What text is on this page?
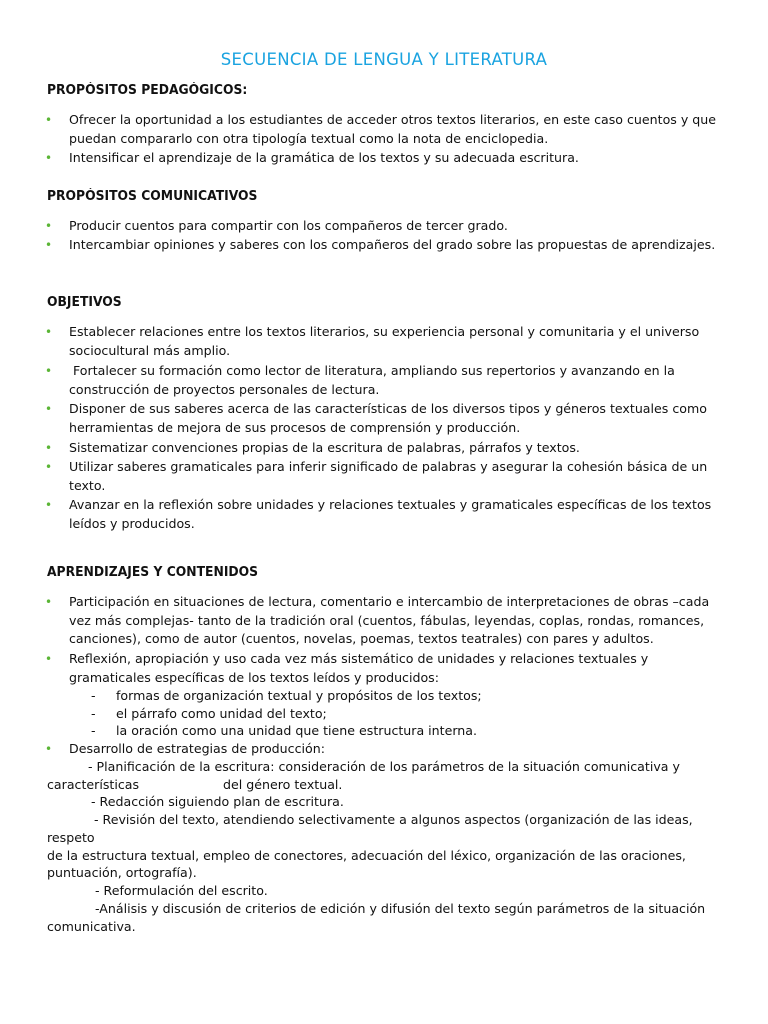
SECUENCIA DE LENGUA Y LITERATURA
PROPÓSITOS PEDAGÓGICOS:
• Ofrecer la oportunidad a los estudiantes de acceder otros textos literarios, en este caso cuentos y que puedan compararlo con otra tipología textual como la nota de enciclopedia.
• Intensificar el aprendizaje de la gramática de los textos y su adecuada escritura.
PROPÓSITOS COMUNICATIVOS
• Producir cuentos para compartir con los compañeros de tercer grado.
• Intercambiar opiniones y saberes con los compañeros del grado sobre las propuestas de aprendizajes.
OBJETIVOS
• Establecer relaciones entre los textos literarios, su experiencia personal y comunitaria y el universo sociocultural más amplio.
• Fortalecer su formación como lector de literatura, ampliando sus repertorios y avanzando en la construcción de proyectos personales de lectura.
• Disponer de sus saberes acerca de las características de los diversos tipos y géneros textuales como herramientas de mejora de sus procesos de comprensión y producción.
• Sistematizar convenciones propias de la escritura de palabras, párrafos y textos.
• Utilizar saberes gramaticales para inferir significado de palabras y asegurar la cohesión básica de un texto.
• Avanzar en la reflexión sobre unidades y relaciones textuales y gramaticales específicas de los textos leídos y producidos.
APRENDIZAJES Y CONTENIDOS
• Participación en situaciones de lectura, comentario e intercambio de interpretaciones de obras –cada vez más complejas- tanto de la tradición oral (cuentos, fábulas, leyendas, coplas, rondas, romances, canciones), como de autor (cuentos, novelas, poemas, textos teatrales) con pares y adultos.
• Reflexión, apropiación y uso cada vez más sistemático de unidades y relaciones textuales y gramaticales específicas de los textos leídos y producidos:
- formas de organización textual y propósitos de los textos;
- el párrafo como unidad del texto;
- la oración como una unidad que tiene estructura interna.
• Desarrollo de estrategias de producción:
- Planificación de la escritura: consideración de los parámetros de la situación comunicativa y
características	del género textual.
- Redacción siguiendo plan de escritura.
- Revisión del texto, atendiendo selectivamente a algunos aspectos (organización de las ideas,
respeto
de la estructura textual, empleo de conectores, adecuación del léxico, organización de las oraciones,
puntuación, ortografía).
- Reformulación del escrito.
-Análisis y discusión de criterios de edición y difusión del texto según parámetros de la situación
comunicativa.
